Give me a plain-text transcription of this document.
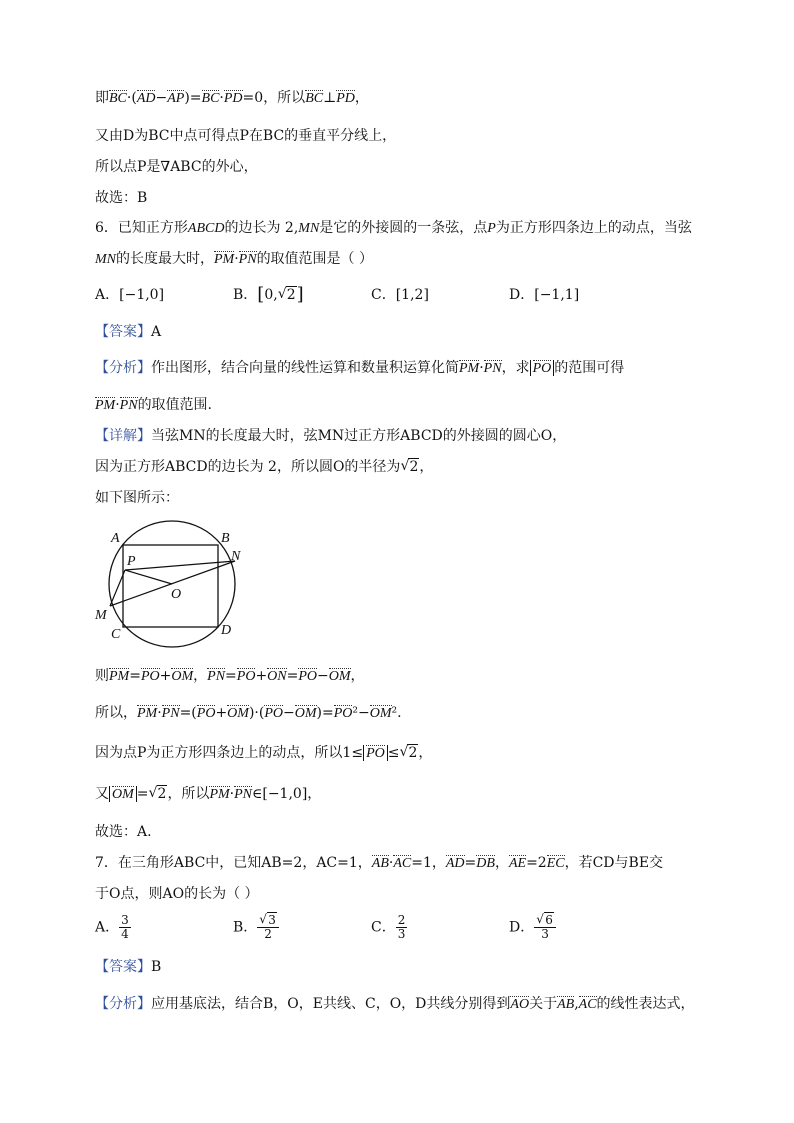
即BC·(AD−AP)=BC·PD=0，所以BC⊥PD，
又由D为BC中点可得点P在BC的垂直平分线上，
所以点P是∇ABC的外心，
故选：B
6．已知正方形ABCD的边长为 2,MN是它的外接圆的一条弦，点P为正方形四条边上的动点，当弦
MN的长度最大时，PM·PN的取值范围是（ ）
A．[−1,0]	B．[0, √ 2]	C．[1,2]	D．[−1,1]
【答案】A
【分析】作出图形，结合向量的线性运算和数量积运算化简PM·PN，求 PO 的范围可得
PM·PN的取值范围.
【详解】当弦MN的长度最大时，弦MN过正方形ABCD的外接圆的圆心O，
因为正方形ABCD的边长为 2，所以圆O的半径为 √ 2，
如下图所示：
A	B
C	D
P	N
M
O
则PM=PO+OM，PN=PO+ON=PO−OM，
所以，PM·PN=(PO+OM)·(PO−OM)=PO²−OM².
因为点P为正方形四条边上的动点，所以1≤ PO ≤ √ 2，
又 OM = √ 2，所以PM·PN∈[−1,0]，
故选：A.
7．在三角形ABC中，已知AB=2，AC=1，AB·AC=1，AD=DB，AE=2EC，若CD与BE交
于O点，则AO的长为（ ）
A． $\frac{3}{4}$	B． √ $\frac{3}{2}$	C． $\frac{2}{3}$	D． √ $\frac{6}{3}$
【答案】B
【分析】应用基底法，结合B，O，E共线、C，O，D共线分别得到AO关于AB,AC的线性表达式，
